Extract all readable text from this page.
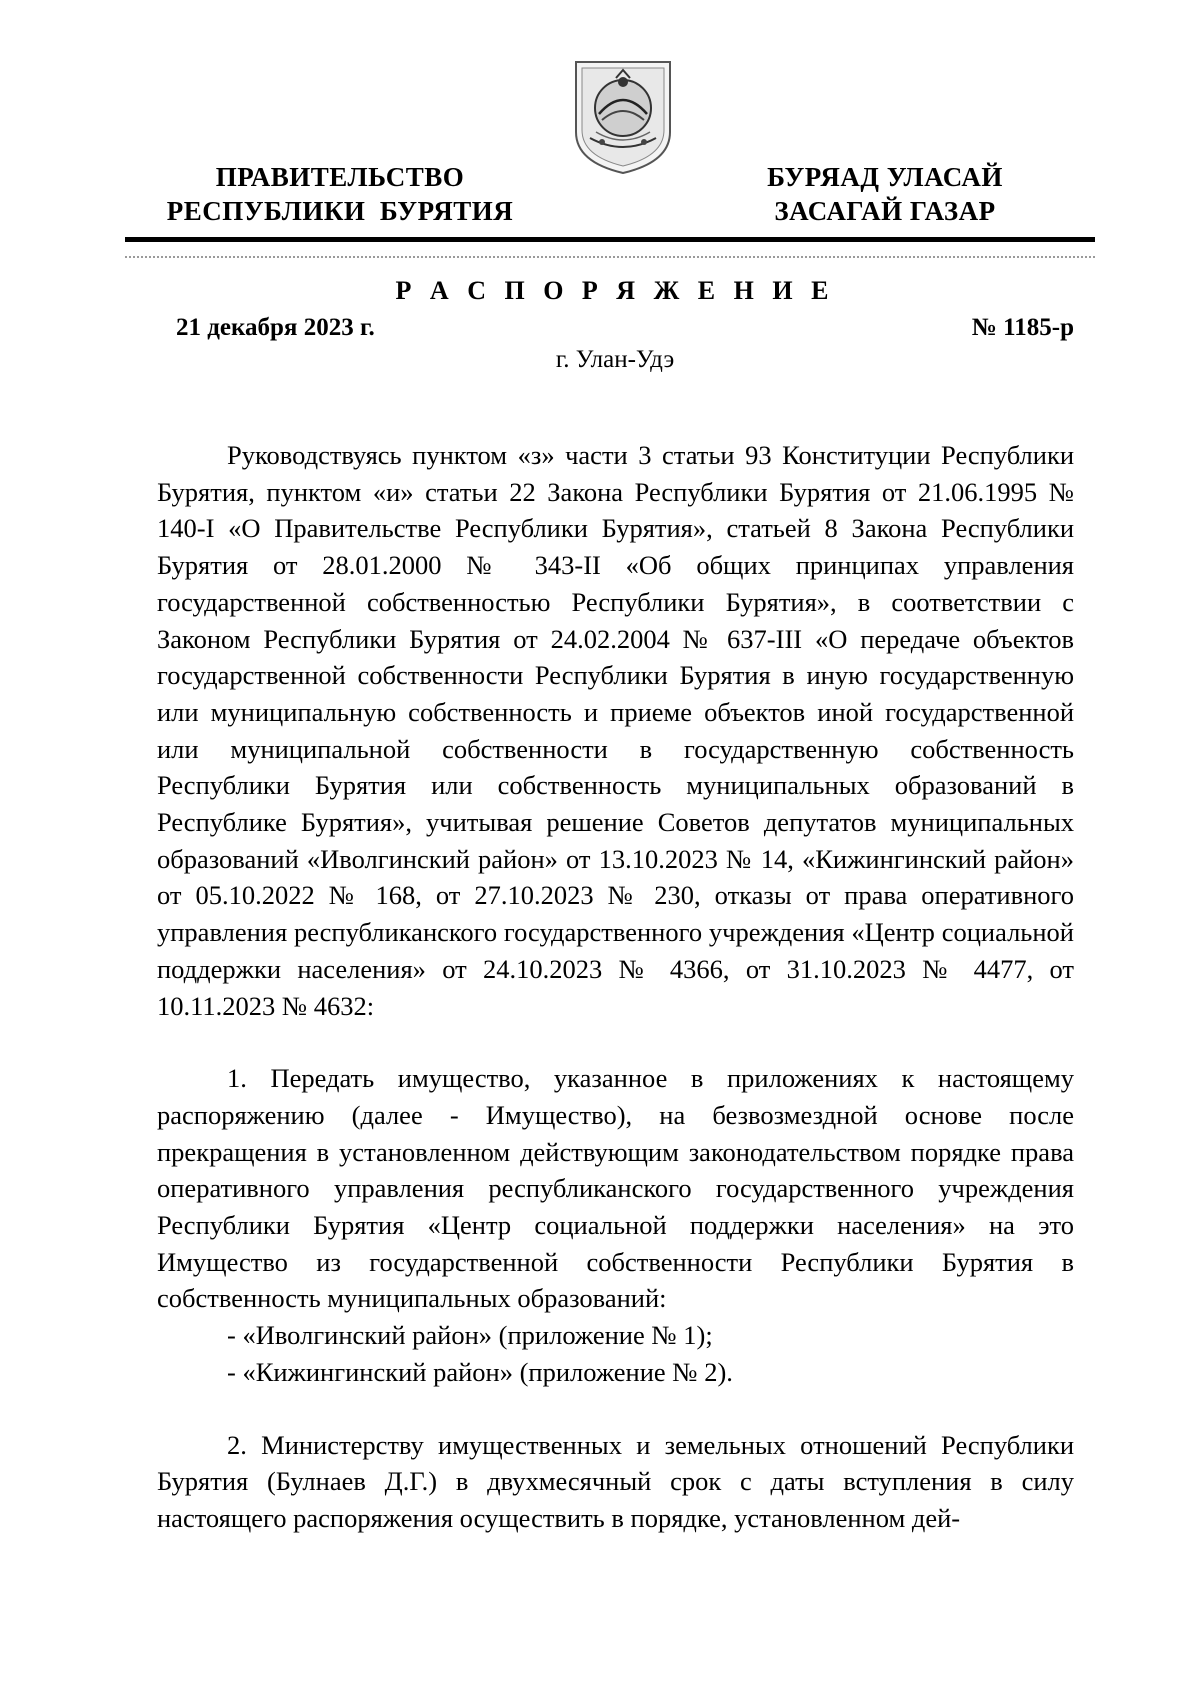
ПРАВИТЕЛЬСТВО
РЕСПУБЛИКИ  БУРЯТИЯ
БУРЯАД УЛАСАЙ
ЗАСАГАЙ ГАЗАР
Р А С П О Р Я Ж Е Н И Е
21 декабря 2023 г.	№ 1185-р
г. Улан-Удэ

Руководствуясь пунктом «з» части 3 статьи 93 Конституции Республики Бурятия, пунктом «и» статьи 22 Закона Республики Бурятия от 21.06.1995 № 140-I «О Правительстве Республики Бурятия», статьей 8 Закона Республики Бурятия от 28.01.2000 № 343-II «Об общих принципах управления государственной собственностью Республики Бурятия», в соответствии с Законом Республики Бурятия от 24.02.2004 № 637-III «О передаче объектов государственной собственности Республики Бурятия в иную государственную или муниципальную собственность и приеме объектов иной государственной или муниципальной собственности в государственную собственность Республики Бурятия или собственность муниципальных образований в Республике Бурятия», учитывая решение Советов депутатов муниципальных образований «Иволгинский район» от 13.10.2023 № 14, «Кижингинский район» от 05.10.2022 № 168, от 27.10.2023 № 230, отказы от права оперативного управления республиканского государственного учреждения «Центр социальной поддержки населения» от 24.10.2023 № 4366, от 31.10.2023 № 4477, от 10.11.2023 № 4632:

1. Передать имущество, указанное в приложениях к настоящему распоряжению (далее - Имущество), на безвозмездной основе после прекращения в установленном действующим законодательством порядке права оперативного управления республиканского государственного учреждения Республики Бурятия «Центр социальной поддержки населения» на это Имущество из государственной собственности Республики Бурятия в собственность муниципальных образований:

- «Иволгинский район» (приложение № 1);

- «Кижингинский район» (приложение № 2).

2. Министерству имущественных и земельных отношений Республики Бурятия (Булнаев Д.Г.) в двухмесячный срок с даты вступления в силу настоящего распоряжения осуществить в порядке, установленном дей-
